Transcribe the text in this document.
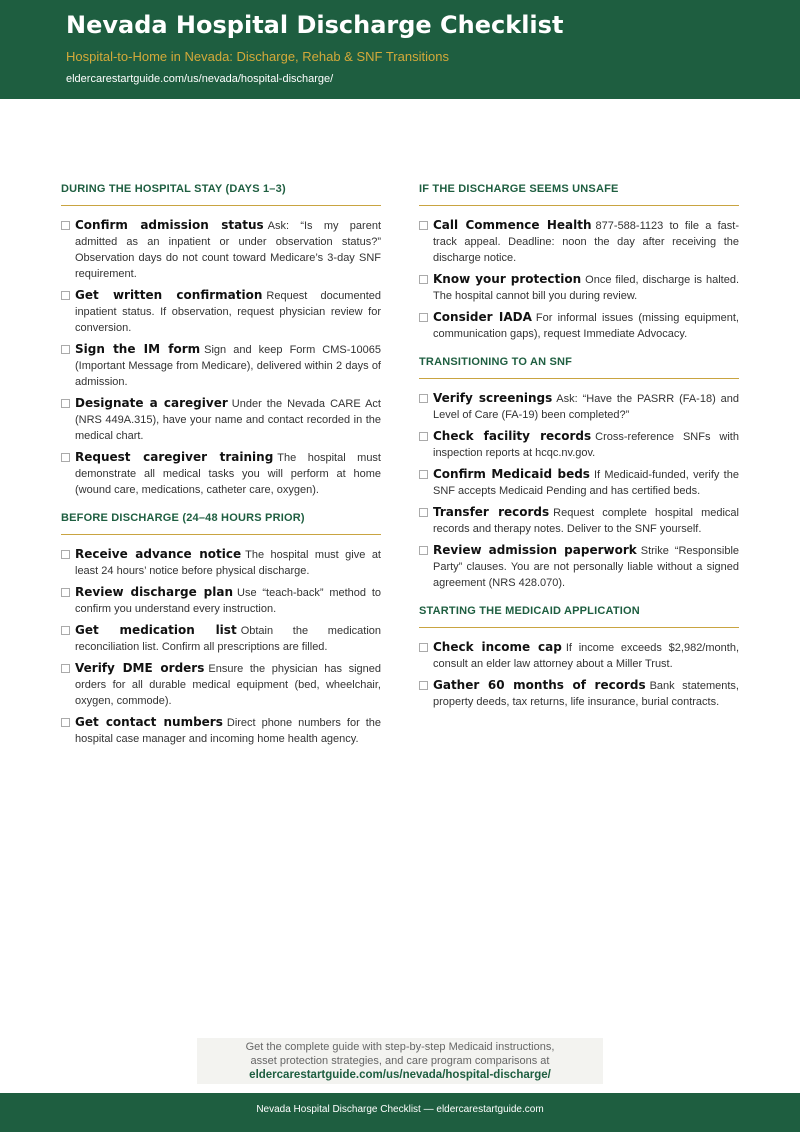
Nevada Hospital Discharge Checklist
Hospital-to-Home in Nevada: Discharge, Rehab & SNF Transitions
eldercarestartguide.com/us/nevada/hospital-discharge/
DURING THE HOSPITAL STAY (DAYS 1–3)
Confirm admission status Ask: “Is my parent admitted as an inpatient or under observation status?” Observation days do not count toward Medicare’s 3-day SNF requirement.
Get written confirmation Request documented inpatient status. If observation, request physician review for conversion.
Sign the IM form Sign and keep Form CMS-10065 (Important Message from Medicare), delivered within 2 days of admission.
Designate a caregiver Under the Nevada CARE Act (NRS 449A.315), have your name and contact recorded in the medical chart.
Request caregiver training The hospital must demonstrate all medical tasks you will perform at home (wound care, medications, catheter care, oxygen).
BEFORE DISCHARGE (24–48 HOURS PRIOR)
Receive advance notice The hospital must give at least 24 hours’ notice before physical discharge.
Review discharge plan Use “teach-back” method to confirm you understand every instruction.
Get medication list Obtain the medication reconciliation list. Confirm all prescriptions are filled.
Verify DME orders Ensure the physician has signed orders for all durable medical equipment (bed, wheelchair, oxygen, commode).
Get contact numbers Direct phone numbers for the hospital case manager and incoming home health agency.
IF THE DISCHARGE SEEMS UNSAFE
Call Commence Health 877-588-1123 to file a fast-track appeal. Deadline: noon the day after receiving the discharge notice.
Know your protection Once filed, discharge is halted. The hospital cannot bill you during review.
Consider IADA For informal issues (missing equipment, communication gaps), request Immediate Advocacy.
TRANSITIONING TO AN SNF
Verify screenings Ask: “Have the PASRR (FA-18) and Level of Care (FA-19) been completed?”
Check facility records Cross-reference SNFs with inspection reports at hcqc.nv.gov.
Confirm Medicaid beds If Medicaid-funded, verify the SNF accepts Medicaid Pending and has certified beds.
Transfer records Request complete hospital medical records and therapy notes. Deliver to the SNF yourself.
Review admission paperwork Strike “Responsible Party” clauses. You are not personally liable without a signed agreement (NRS 428.070).
STARTING THE MEDICAID APPLICATION
Check income cap If income exceeds $2,982/month, consult an elder law attorney about a Miller Trust.
Gather 60 months of records Bank statements, property deeds, tax returns, life insurance, burial contracts.
Get the complete guide with step-by-step Medicaid instructions,
asset protection strategies, and care program comparisons at
eldercarestartguide.com/us/nevada/hospital-discharge/
Nevada Hospital Discharge Checklist — eldercarestartguide.com
